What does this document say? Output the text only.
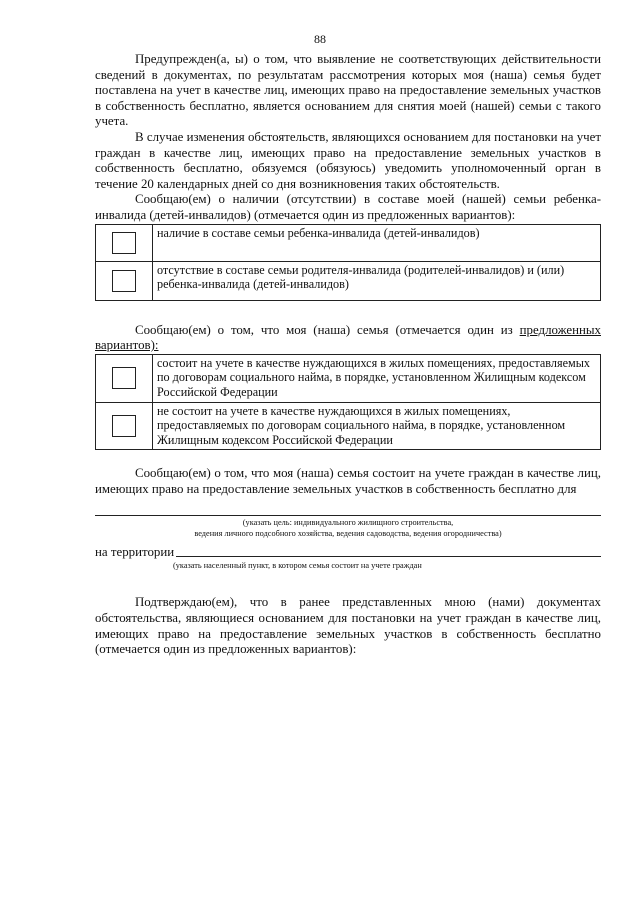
88

Предупрежден(а, ы) о том, что выявление не соответствующих действительности сведений в документах, по результатам рассмотрения которых моя (наша) семья будет поставлена на учет в качестве лиц, имеющих право на предоставление земельных участков в собственность бесплатно, является основанием для снятия моей (нашей) семьи с такого учета.

В случае изменения обстоятельств, являющихся основанием для постановки на учет граждан в качестве лиц, имеющих право на предоставление земельных участков в собственность бесплатно, обязуемся (обязуюсь) уведомить уполномоченный орган в течение 20 календарных дней со дня возникновения таких обстоятельств.

Сообщаю(ем) о наличии (отсутствии) в составе моей (нашей) семьи ребенка-инвалида (детей-инвалидов) (отмечается один из предложенных вариантов):

	наличие в составе семьи ребенка-инвалида (детей-инвалидов)
	отсутствие в составе семьи родителя-инвалида (родителей-инвалидов) и (или) ребенка-инвалида (детей-инвалидов)

Сообщаю(ем) о том, что моя (наша) семья (отмечается один из предложенных вариантов):

	состоит на учете в качестве нуждающихся в жилых помещениях, предоставляемых по договорам социального найма, в порядке, установленном Жилищным кодексом Российской Федерации
	не состоит на учете в качестве нуждающихся в жилых помещениях, предоставляемых по договорам социального найма, в порядке, установленном Жилищным кодексом Российской Федерации

Сообщаю(ем) о том, что моя (наша) семья состоит на учете граждан в качестве лиц, имеющих право на предоставление земельных участков в собственность бесплатно для

(указать цель: индивидуального жилищного строительства,
ведения личного подсобного хозяйства, ведения садоводства, ведения огородничества)
на территории
(указать населенный пункт, в котором семья состоит на учете граждан

Подтверждаю(ем), что в ранее представленных мною (нами) документах обстоятельства, являющиеся основанием для постановки на учет граждан в качестве лиц, имеющих право на предоставление земельных участков в собственность бесплатно (отмечается один из предложенных вариантов):
